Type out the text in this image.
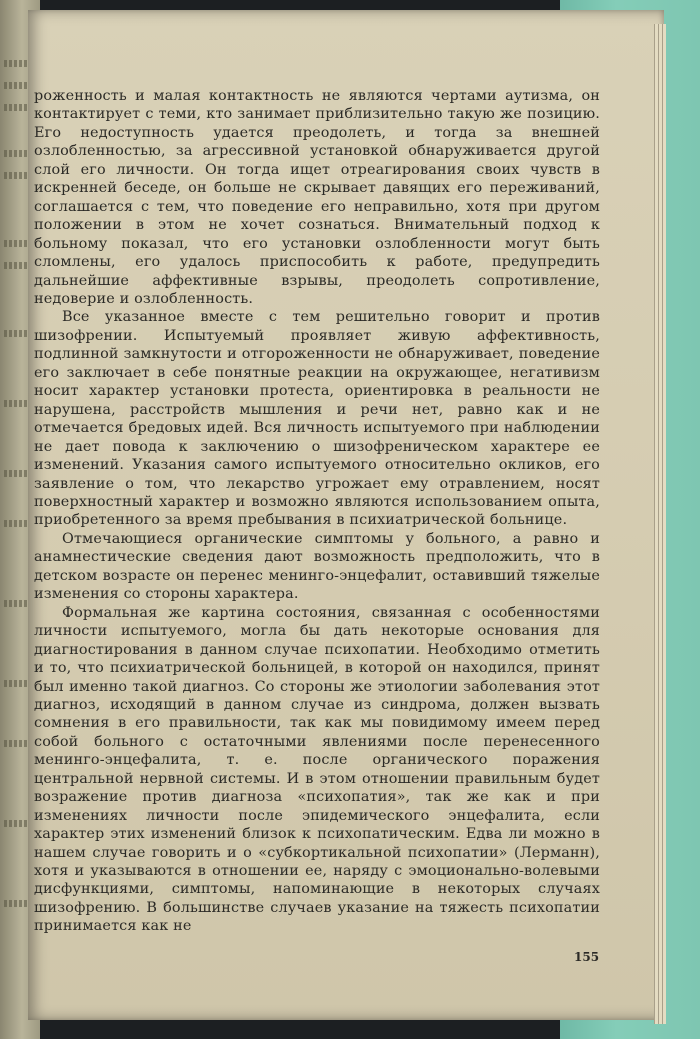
роженность и малая контактность не являются чертами аутизма, он контактирует с теми, кто занимает приблизительно такую же позицию. Его недоступность удается преодолеть, и тогда за внешней озлобленностью, за агрессивной установкой обнаруживается другой слой его личности. Он тогда ищет отреагирования своих чувств в искренней беседе, он больше не скрывает давящих его переживаний, соглашается с тем, что поведение его неправильно, хотя при другом положении в этом не хочет сознаться. Внимательный подход к больному показал, что его установки озлобленности могут быть сломлены, его удалось приспособить к работе, предупредить дальнейшие аффективные взрывы, преодолеть сопротивление, недоверие и озлобленность.

Все указанное вместе с тем решительно говорит и против шизофрении. Испытуемый проявляет живую аффективность, подлинной замкнутости и отгороженности не обнаруживает, поведение его заключает в себе понятные реакции на окружающее, негативизм носит характер установки протеста, ориентировка в реальности не нарушена, расстройств мышления и речи нет, равно как и не отмечается бредовых идей. Вся личность испытуемого при наблюдении не дает повода к заключению о шизофреническом характере ее изменений. Указания самого испытуемого относительно окликов, его заявление о том, что лекарство угрожает ему отравлением, носят поверхностный характер и возможно являются использованием опыта, приобретенного за время пребывания в психиатрической больнице.

Отмечающиеся органические симптомы у больного, а равно и анамнестические сведения дают возможность предположить, что в детском возрасте он перенес менинго-энцефалит, оставивший тяжелые изменения со стороны характера.

Формальная же картина состояния, связанная с особенностями личности испытуемого, могла бы дать некоторые основания для диагностирования в данном случае психопатии. Необходимо отметить и то, что психиатрической больницей, в которой он находился, принят был именно такой диагноз. Со стороны же этиологии заболевания этот диагноз, исходящий в данном случае из синдрома, должен вызвать сомнения в его правильности, так как мы повидимому имеем перед собой больного с остаточными явлениями после перенесенного менинго-энцефалита, т. е. после органического поражения центральной нервной системы. И в этом отношении правильным будет возражение против диагноза «психопатия», так же как и при изменениях личности после эпидемического энцефалита, если характер этих изменений близок к психопатическим. Едва ли можно в нашем случае говорить и о «субкортикальной психопатии» (Лерманн), хотя и указываются в отношении ее, наряду с эмоционально-волевыми дисфункциями, симптомы, напоминающие в некоторых случаях шизофрению. В большинстве случаев указание на тяжесть психопатии принимается как не

155
